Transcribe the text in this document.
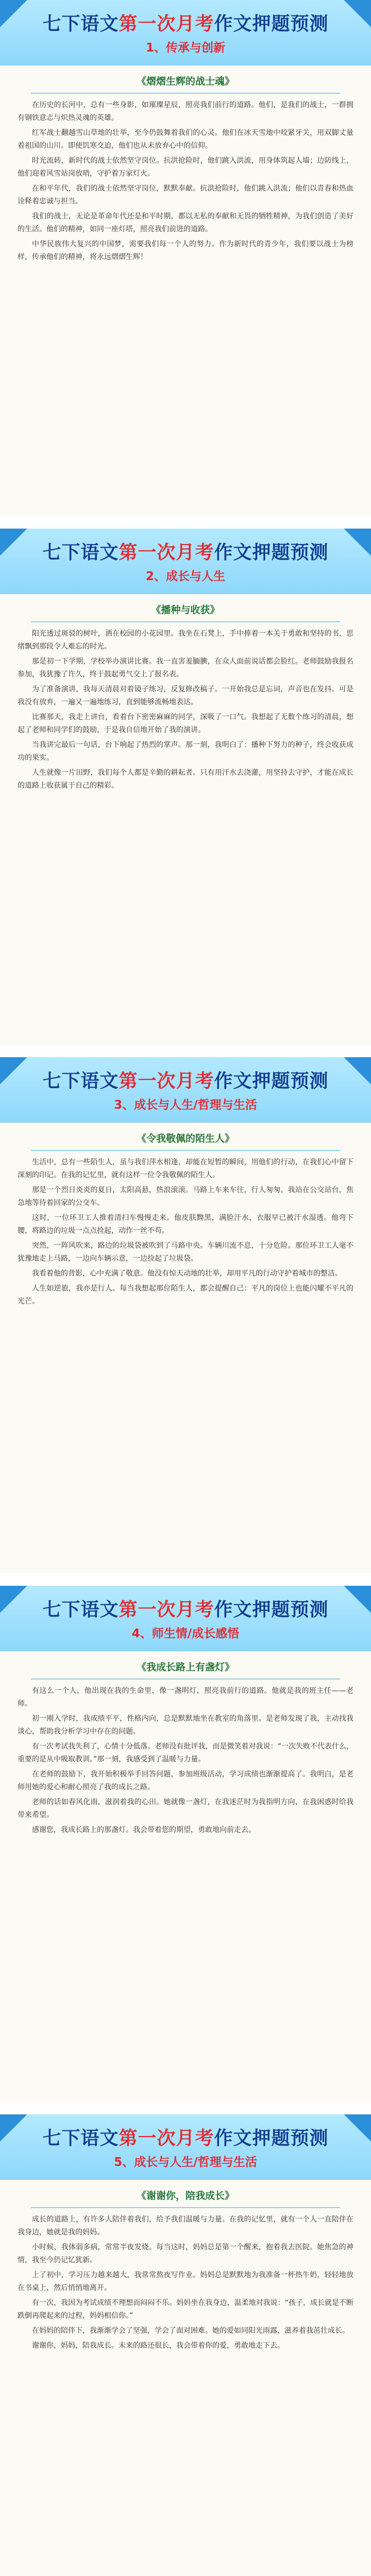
七下语文第一次月考作文押题预测
1、传承与创新
《熠熠生辉的战士魂》

在历史的长河中，总有一些身影，如璀璨星辰，照亮我们前行的道路。他们，是我们的战士，一群拥有钢铁意志与炽热灵魂的英雄。

红军战士翻越雪山草地的壮举，至今仍鼓舞着我们的心灵。他们在冰天雪地中咬紧牙关，用双脚丈量着祖国的山川。即使饥寒交迫，他们也从未放弃心中的信仰。

时光流转，新时代的战士依然坚守岗位。抗洪抢险时，他们跳入洪流，用身体筑起人墙；边防线上，他们迎着风雪站岗放哨，守护着万家灯火。

在和平年代，我们的战士依然坚守岗位，默默奉献。抗洪抢险时，他们跳入洪流；他们以青春和热血诠释着忠诚与担当。

我们的战士，无论是革命年代还是和平时期，都以无私的奉献和无畏的牺牲精神，为我们创造了美好的生活。他们的精神，如同一座灯塔，照亮我们前进的道路。

中华民族伟大复兴的中国梦，需要我们每一个人的努力。作为新时代的青少年，我们要以战士为榜样，传承他们的精神，将永远熠熠生辉！

七下语文第一次月考作文押题预测
2、成长与人生
《播种与收获》

阳光透过斑驳的树叶，洒在校园的小花园里。我坐在石凳上，手中捧着一本关于勇敢和坚持的书，思绪飘到那段令人难忘的时光。

那是初一下学期，学校举办演讲比赛。我一直害羞腼腆，在众人面前说话都会脸红。老师鼓励我报名参加，我犹豫了许久，终于鼓起勇气交上了报名表。

为了准备演讲，我每天清晨对着镜子练习，反复修改稿子。一开始我总是忘词，声音也在发抖。可是我没有放弃，一遍又一遍地练习，直到能够流畅地表达。

比赛那天，我走上讲台，看着台下密密麻麻的同学，深吸了一口气。我想起了无数个练习的清晨，想起了老师和同学们的鼓励，于是我自信地开始了我的演讲。

当我讲完最后一句话，台下响起了热烈的掌声。那一刻，我明白了：播种下努力的种子，终会收获成功的果实。

人生就像一片田野，我们每个人都是辛勤的耕耘者。只有用汗水去浇灌，用坚持去守护，才能在成长的道路上收获属于自己的精彩。

七下语文第一次月考作文押题预测
3、成长与人生/哲理与生活
《令我敬佩的陌生人》

生活中，总有一些陌生人，虽与我们萍水相逢，却能在短暂的瞬间，用他们的行动，在我们心中留下深刻的印记。在我的记忆里，就有这样一位令我敬佩的陌生人。

那是一个烈日炎炎的夏日，太阳高悬，热浪滚滚。马路上车来车往，行人匆匆。我站在公交站台，焦急地等待着回家的公交车。

这时，一位环卫工人推着清扫车慢慢走来。他皮肤黝黑，满脸汗水，衣服早已被汗水湿透。他弯下腰，将路边的垃圾一点点捡起，动作一丝不苟。

突然，一阵风吹来，路边的垃圾袋被吹到了马路中央。车辆川流不息，十分危险。那位环卫工人毫不犹豫地走上马路，一边向车辆示意，一边捡起了垃圾袋。

我看着他的背影，心中充满了敬意。他没有惊天动地的壮举，却用平凡的行动守护着城市的整洁。

人生如逆旅，我亦是行人。每当我想起那位陌生人，都会提醒自己：平凡的岗位上也能闪耀不平凡的光芒。

七下语文第一次月考作文押题预测
4、师生情/成长感悟
《我成长路上有盏灯》

有这么一个人，他出现在我的生命里，像一盏明灯，照亮我前行的道路。他就是我的班主任——老师。

初一刚入学时，我成绩平平，性格内向，总是默默地坐在教室的角落里。是老师发现了我，主动找我谈心，帮助我分析学习中存在的问题。

有一次考试我失利了，心情十分低落。老师没有批评我，而是微笑着对我说：“一次失败不代表什么，重要的是从中吸取教训。”那一刻，我感受到了温暖与力量。

在老师的鼓励下，我开始积极举手回答问题，参加班级活动，学习成绩也渐渐提高了。我明白，是老师用她的爱心和耐心照亮了我的成长之路。

老师的话如春风化雨，滋润着我的心田。她就像一盏灯，在我迷茫时为我指明方向，在我困惑时给我带来希望。

感谢您，我成长路上的那盏灯。我会带着您的期望，勇敢地向前走去。

七下语文第一次月考作文押题预测
5、成长与人生/哲理与生活
《谢谢你，陪我成长》

成长的道路上，有许多人陪伴着我们，给予我们温暖与力量。在我的记忆里，就有一个人一直陪伴在我身边，她就是我的妈妈。

小时候，我体弱多病，常常半夜发烧。每当这时，妈妈总是第一个醒来，抱着我去医院。她焦急的神情，我至今仍记忆犹新。

上了初中，学习压力越来越大，我常常熬夜写作业。妈妈总是默默地为我准备一杯热牛奶，轻轻地放在书桌上，然后悄悄地离开。

有一次，我因为考试成绩不理想而闷闷不乐。妈妈坐在我身边，温柔地对我说：“孩子，成长就是不断跌倒再爬起来的过程，妈妈相信你。”

在妈妈的陪伴下，我渐渐学会了坚强，学会了面对困难。她的爱如同阳光雨露，滋养着我茁壮成长。

谢谢你，妈妈，陪我成长。未来的路还很长，我会带着你的爱，勇敢地走下去。
